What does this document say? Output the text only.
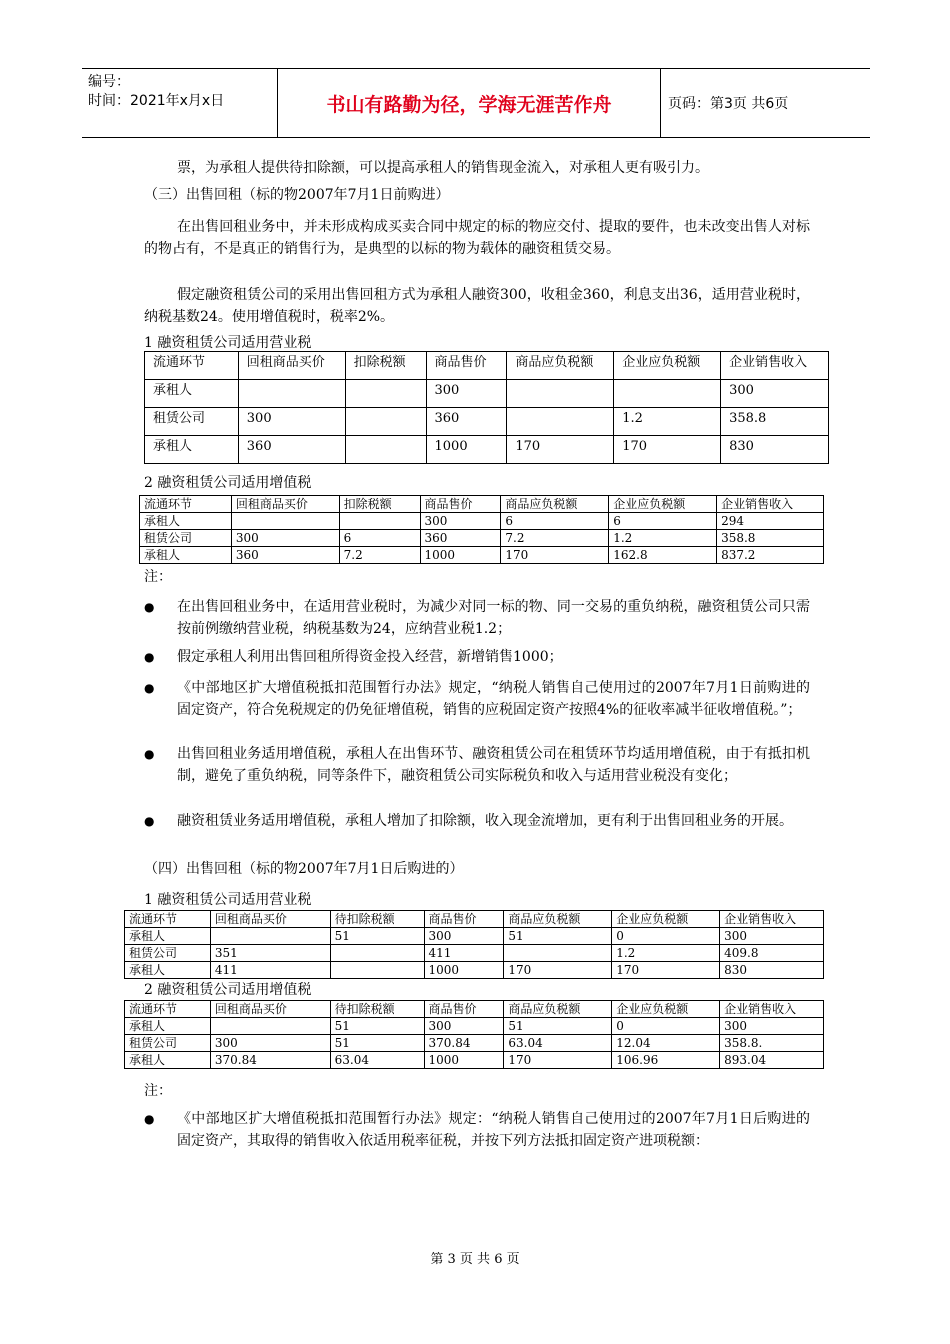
编号：
时间：2021年x月x日	书山有路勤为径，学海无涯苦作舟	页码：第3页 共6页
票，为承租人提供待扣除额，可以提高承租人的销售现金流入，对承租人更有吸引力。
（三）出售回租（标的物2007年7月1日前购进）
在出售回租业务中，并未形成构成买卖合同中规定的标的物应交付、提取的要件，也未改变出售人对标的物占有，不是真正的销售行为，是典型的以标的物为载体的融资租赁交易。
假定融资租赁公司的采用出售回租方式为承租人融资300，收租金360，利息支出36，适用营业税时，纳税基数24。使用增值税时，税率2%。
1 融资租赁公司适用营业税
流通环节	回租商品买价	扣除税额	商品售价	商品应负税额	企业应负税额	企业销售收入
承租人			300			300
租赁公司	300		360		1.2	358.8
承租人	360		1000	170	170	830
2 融资租赁公司适用增值税
流通环节	回租商品买价	扣除税额	商品售价	商品应负税额	企业应负税额	企业销售收入
承租人			300	6	6	294
租赁公司	300	6	360	7.2	1.2	358.8
承租人	360	7.2	1000	170	162.8	837.2
注：
● 在出售回租业务中，在适用营业税时，为减少对同一标的物、同一交易的重负纳税，融资租赁公司只需按前例缴纳营业税，纳税基数为24，应纳营业税1.2；
● 假定承租人利用出售回租所得资金投入经营，新增销售1000；
● 《中部地区扩大增值税抵扣范围暂行办法》规定，“纳税人销售自己使用过的2007年7月1日前购进的固定资产，符合免税规定的仍免征增值税，销售的应税固定资产按照4%的征收率减半征收增值税。”；
● 出售回租业务适用增值税，承租人在出售环节、融资租赁公司在租赁环节均适用增值税，由于有抵扣机制，避免了重负纳税，同等条件下，融资租赁公司实际税负和收入与适用营业税没有变化；
● 融资租赁业务适用增值税，承租人增加了扣除额，收入现金流增加，更有利于出售回租业务的开展。
（四）出售回租（标的物2007年7月1日后购进的）
1 融资租赁公司适用营业税
流通环节	回租商品买价	待扣除税额	商品售价	商品应负税额	企业应负税额	企业销售收入
承租人		51	300	51	0	300
租赁公司	351		411		1.2	409.8
承租人	411		1000	170	170	830
2 融资租赁公司适用增值税
流通环节	回租商品买价	待扣除税额	商品售价	商品应负税额	企业应负税额	企业销售收入
承租人		51	300	51	0	300
租赁公司	300	51	370.84	63.04	12.04	358.8.
承租人	370.84	63.04	1000	170	106.96	893.04
注：
● 《中部地区扩大增值税抵扣范围暂行办法》规定：“纳税人销售自己使用过的2007年7月1日后购进的固定资产，其取得的销售收入依适用税率征税，并按下列方法抵扣固定资产进项税额：
第 3 页 共 6 页
